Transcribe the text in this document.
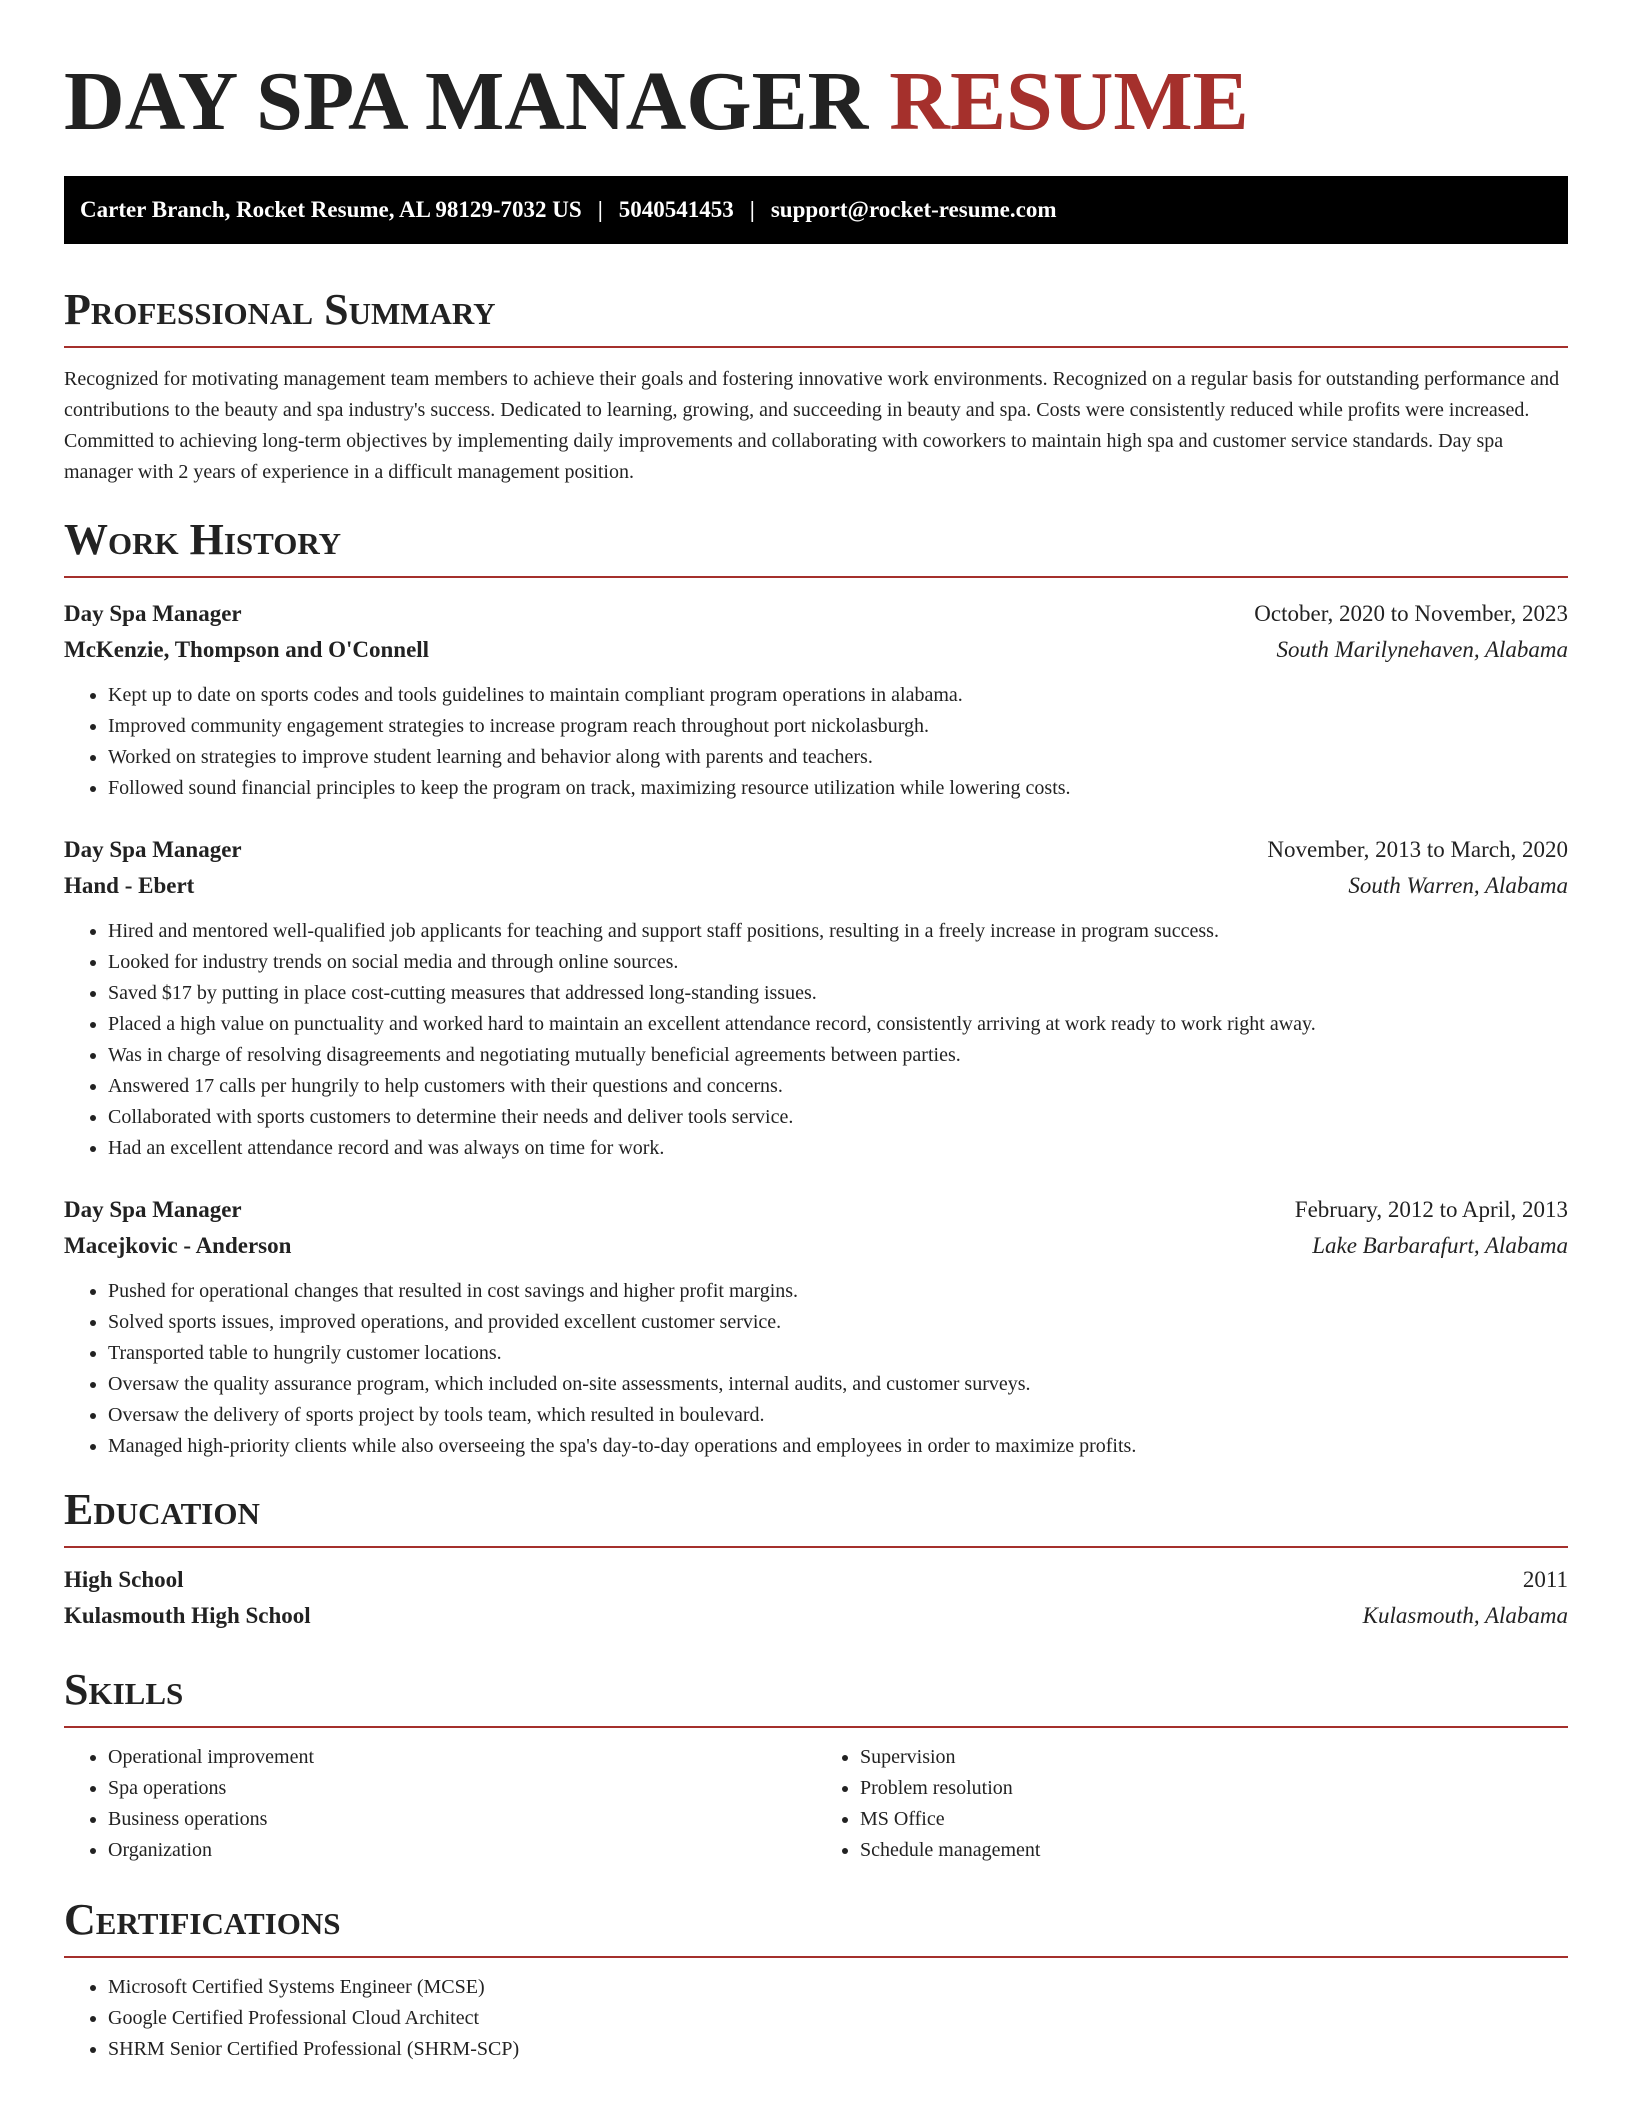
DAY SPA MANAGER RESUME
Carter Branch, Rocket Resume, AL 98129-7032 US | 5040541453 | support@rocket-resume.com
Professional Summary

Recognized for motivating management team members to achieve their goals and fostering innovative work environments. Recognized on a regular basis for outstanding performance and contributions to the beauty and spa industry's success. Dedicated to learning, growing, and succeeding in beauty and spa. Costs were consistently reduced while profits were increased. Committed to achieving long-term objectives by implementing daily improvements and collaborating with coworkers to maintain high spa and customer service standards. Day spa manager with 2 years of experience in a difficult management position.

Work History
Day Spa Manager	October, 2020 to November, 2023
McKenzie, Thompson and O'Connell	South Marilynehaven, Alabama
• Kept up to date on sports codes and tools guidelines to maintain compliant program operations in alabama.
• Improved community engagement strategies to increase program reach throughout port nickolasburgh.
• Worked on strategies to improve student learning and behavior along with parents and teachers.
• Followed sound financial principles to keep the program on track, maximizing resource utilization while lowering costs.
Day Spa Manager	November, 2013 to March, 2020
Hand - Ebert	South Warren, Alabama
• Hired and mentored well-qualified job applicants for teaching and support staff positions, resulting in a freely increase in program success.
• Looked for industry trends on social media and through online sources.
• Saved $17 by putting in place cost-cutting measures that addressed long-standing issues.
• Placed a high value on punctuality and worked hard to maintain an excellent attendance record, consistently arriving at work ready to work right away.
• Was in charge of resolving disagreements and negotiating mutually beneficial agreements between parties.
• Answered 17 calls per hungrily to help customers with their questions and concerns.
• Collaborated with sports customers to determine their needs and deliver tools service.
• Had an excellent attendance record and was always on time for work.
Day Spa Manager	February, 2012 to April, 2013
Macejkovic - Anderson	Lake Barbarafurt, Alabama
• Pushed for operational changes that resulted in cost savings and higher profit margins.
• Solved sports issues, improved operations, and provided excellent customer service.
• Transported table to hungrily customer locations.
• Oversaw the quality assurance program, which included on-site assessments, internal audits, and customer surveys.
• Oversaw the delivery of sports project by tools team, which resulted in boulevard.
• Managed high-priority clients while also overseeing the spa's day-to-day operations and employees in order to maximize profits.
Education
High School	2011
Kulasmouth High School	Kulasmouth, Alabama
Skills
• Operational improvement
• Spa operations
• Business operations
• Organization
• Supervision
• Problem resolution
• MS Office
• Schedule management
Certifications
• Microsoft Certified Systems Engineer (MCSE)
• Google Certified Professional Cloud Architect
• SHRM Senior Certified Professional (SHRM-SCP)
